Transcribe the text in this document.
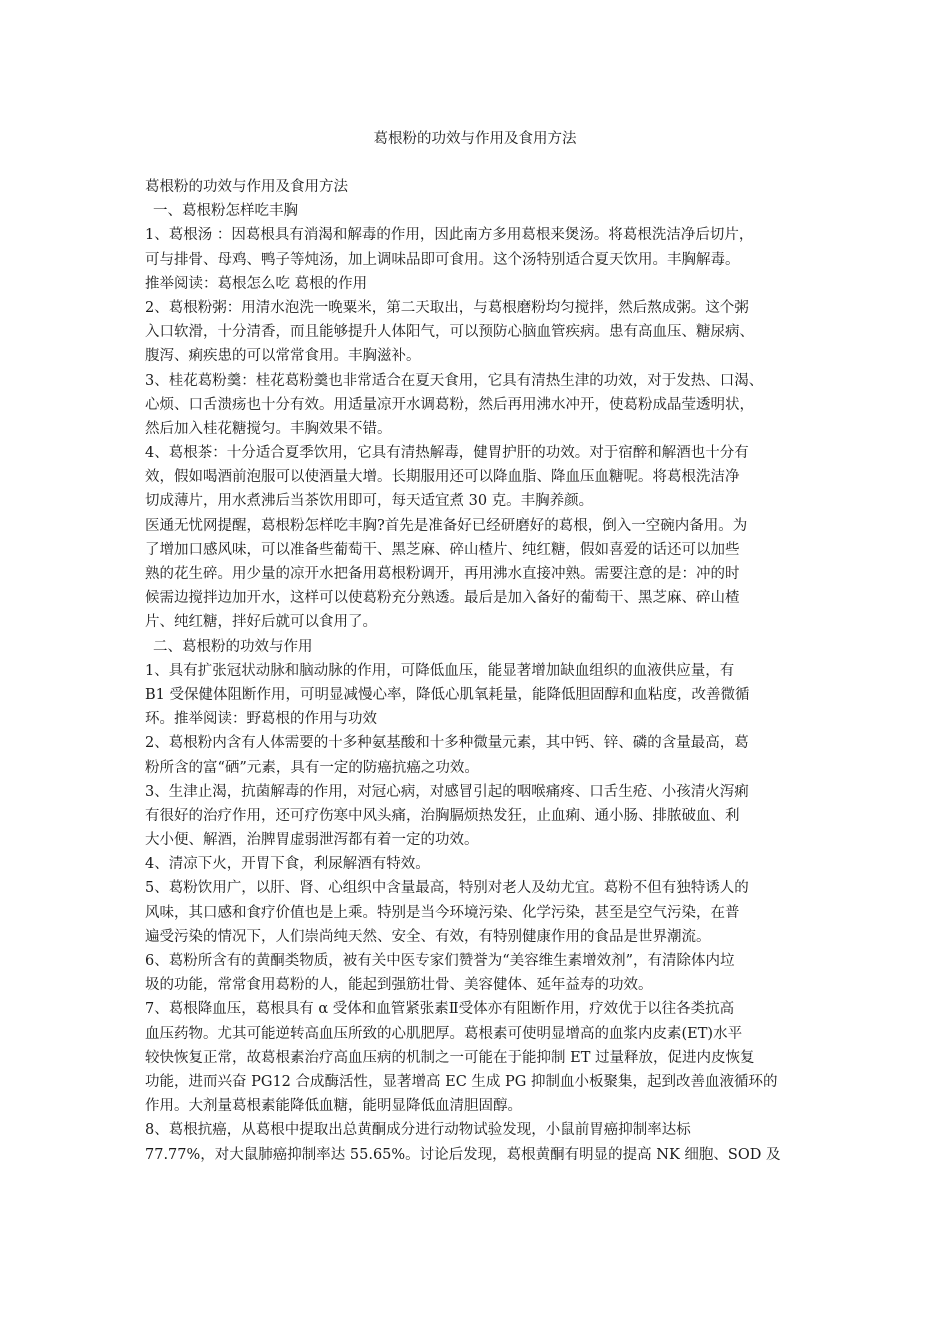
葛根粉的功效与作用及食用方法
葛根粉的功效与作用及食用方法
一、葛根粉怎样吃丰胸
1、葛根汤 ：因葛根具有消渴和解毒的作用，因此南方多用葛根来煲汤。将葛根洗洁净后切片，
可与排骨、母鸡、鸭子等炖汤，加上调味品即可食用。这个汤特别适合夏天饮用。丰胸解毒。
推举阅读：葛根怎么吃 葛根的作用
2、葛根粉粥：用清水泡洗一晚粟米，第二天取出，与葛根磨粉均匀搅拌，然后熬成粥。这个粥
入口软滑，十分清香，而且能够提升人体阳气，可以预防心脑血管疾病。患有高血压、糖尿病、
腹泻、痢疾患的可以常常食用。丰胸滋补。
3、桂花葛粉羹：桂花葛粉羹也非常适合在夏天食用，它具有清热生津的功效，对于发热、口渴、
心烦、口舌溃疡也十分有效。用适量凉开水调葛粉，然后再用沸水冲开，使葛粉成晶莹透明状，
然后加入桂花糖搅匀。丰胸效果不错。
4、葛根茶：十分适合夏季饮用，它具有清热解毒，健胃护肝的功效。对于宿醉和解酒也十分有
效，假如喝酒前泡服可以使酒量大增。长期服用还可以降血脂、降血压血糖呢。将葛根洗洁净
切成薄片，用水煮沸后当茶饮用即可，每天适宜煮 30 克。丰胸养颜。
医通无忧网提醒，葛根粉怎样吃丰胸?首先是准备好已经研磨好的葛根，倒入一空碗内备用。为
了增加口感风味，可以准备些葡萄干、黑芝麻、碎山楂片、纯红糖，假如喜爱的话还可以加些
熟的花生碎。用少量的凉开水把备用葛根粉调开，再用沸水直接冲熟。需要注意的是：冲的时
候需边搅拌边加开水，这样可以使葛粉充分熟透。最后是加入备好的葡萄干、黑芝麻、碎山楂
片、纯红糖，拌好后就可以食用了。
二、葛根粉的功效与作用
1、具有扩张冠状动脉和脑动脉的作用，可降低血压，能显著增加缺血组织的血液供应量，有
B1 受保健体阻断作用，可明显减慢心率，降低心肌氧耗量，能降低胆固醇和血粘度，改善微循
环。推举阅读：野葛根的作用与功效
2、葛根粉内含有人体需要的十多种氨基酸和十多种微量元素，其中钙、锌、磷的含量最高，葛
粉所含的富“硒”元素，具有一定的防癌抗癌之功效。
3、生津止渴，抗菌解毒的作用，对冠心病，对感冒引起的咽喉痛疼、口舌生疮、小孩清火泻痢
有很好的治疗作用，还可疗伤寒中风头痛，治胸膈烦热发狂，止血痢、通小肠、排脓破血、利
大小便、解酒，治脾胃虚弱泄泻都有着一定的功效。
4、清凉下火，开胃下食，利尿解酒有特效。
5、葛粉饮用广，以肝、肾、心组织中含量最高，特别对老人及幼尤宜。葛粉不但有独特诱人的
风味，其口感和食疗价值也是上乘。特别是当今环境污染、化学污染，甚至是空气污染，在普
遍受污染的情况下，人们崇尚纯天然、安全、有效，有特别健康作用的食品是世界潮流。
6、葛粉所含有的黄酮类物质，被有关中医专家们赞誉为“美容维生素增效剂”，有清除体内垃
圾的功能，常常食用葛粉的人，能起到强筋壮骨、美容健体、延年益寿的功效。
7、葛根降血压，葛根具有 α 受体和血管紧张素Ⅱ受体亦有阻断作用，疗效优于以往各类抗高
血压药物。尤其可能逆转高血压所致的心肌肥厚。葛根素可使明显增高的血浆内皮素(ET)水平
较快恢复正常，故葛根素治疗高血压病的机制之一可能在于能抑制 ET 过量释放，促进内皮恢复
功能，进而兴奋 PG12 合成酶活性，显著增高 EC 生成 PG 抑制血小板聚集，起到改善血液循环的
作用。大剂量葛根素能降低血糖，能明显降低血清胆固醇。
8、葛根抗癌，从葛根中提取出总黄酮成分进行动物试验发现，小鼠前胃癌抑制率达标
77.77%，对大鼠肺癌抑制率达 55.65%。讨论后发现，葛根黄酮有明显的提高 NK 细胞、SOD 及
